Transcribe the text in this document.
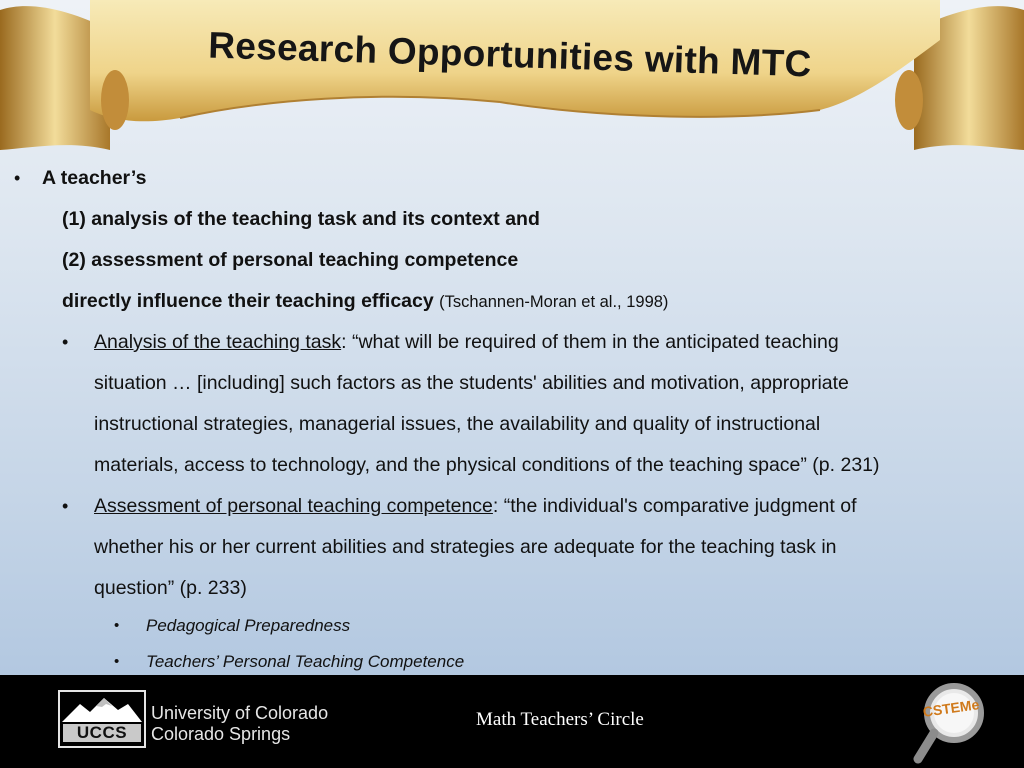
Research Opportunities with MTC
• A teacher’s
(1) analysis of the teaching task and its context and
(2) assessment of personal teaching competence
directly influence their teaching efficacy (Tschannen-Moran et al., 1998)
• Analysis of the teaching task: “what will be required of them in the anticipated teaching
situation … [including] such factors as the students' abilities and motivation, appropriate
instructional strategies, managerial issues, the availability and quality of instructional
materials, access to technology, and the physical conditions of the teaching space” (p. 231)
• Assessment of personal teaching competence: “the individual's comparative judgment of
whether his or her current abilities and strategies are adequate for the teaching task in
question” (p. 233)
• Pedagogical Preparedness
• Teachers’ Personal Teaching Competence
UCCS
University of Colorado
Colorado Springs
Math Teachers’ Circle	CSTEMe
